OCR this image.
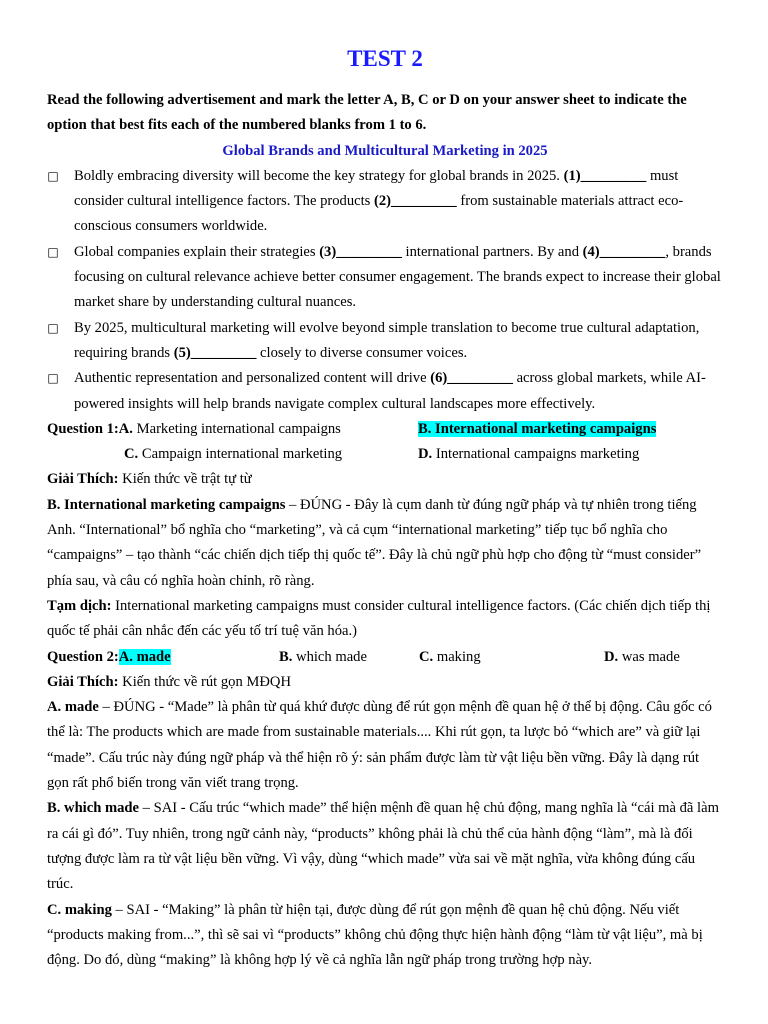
TEST 2

Read the following advertisement and mark the letter A, B, C or D on your answer sheet to indicate the option that best fits each of the numbered blanks from 1 to 6.

Global Brands and Multicultural Marketing in 2025

□ Boldly embracing diversity will become the key strategy for global brands in 2025. (1)_________ must consider cultural intelligence factors. The products (2)_________ from sustainable materials attract eco-conscious consumers worldwide.

□ Global companies explain their strategies (3)_________ international partners. By and (4)_________, brands focusing on cultural relevance achieve better consumer engagement. The brands expect to increase their global market share by understanding cultural nuances.

□ By 2025, multicultural marketing will evolve beyond simple translation to become true cultural adaptation, requiring brands (5)_________ closely to diverse consumer voices.

□ Authentic representation and personalized content will drive (6)_________ across global markets, while AI-powered insights will help brands navigate complex cultural landscapes more effectively.

Question 1:A. Marketing international campaigns	B. International marketing campaigns
C. Campaign international marketing	D. International campaigns marketing

Giải Thích: Kiến thức về trật tự từ

B. International marketing campaigns – ĐÚNG - Đây là cụm danh từ đúng ngữ pháp và tự nhiên trong tiếng Anh. “International” bổ nghĩa cho “marketing”, và cả cụm “international marketing” tiếp tục bổ nghĩa cho “campaigns” – tạo thành “các chiến dịch tiếp thị quốc tế”. Đây là chủ ngữ phù hợp cho động từ “must consider” phía sau, và câu có nghĩa hoàn chỉnh, rõ ràng.

Tạm dịch: International marketing campaigns must consider cultural intelligence factors. (Các chiến dịch tiếp thị quốc tế phải cân nhắc đến các yếu tố trí tuệ văn hóa.)

Question 2:A. made	B. which made	C. making	D. was made

Giải Thích: Kiến thức về rút gọn MĐQH

A. made – ĐÚNG - “Made” là phân từ quá khứ được dùng để rút gọn mệnh đề quan hệ ở thể bị động. Câu gốc có thể là: The products which are made from sustainable materials.... Khi rút gọn, ta lược bỏ “which are” và giữ lại “made”. Cấu trúc này đúng ngữ pháp và thể hiện rõ ý: sản phẩm được làm từ vật liệu bền vững. Đây là dạng rút gọn rất phổ biến trong văn viết trang trọng.

B. which made – SAI - Cấu trúc “which made” thể hiện mệnh đề quan hệ chủ động, mang nghĩa là “cái mà đã làm ra cái gì đó”. Tuy nhiên, trong ngữ cảnh này, “products” không phải là chủ thể của hành động “làm”, mà là đối tượng được làm ra từ vật liệu bền vững. Vì vậy, dùng “which made” vừa sai về mặt nghĩa, vừa không đúng cấu trúc.

C. making – SAI - “Making” là phân từ hiện tại, được dùng để rút gọn mệnh đề quan hệ chủ động. Nếu viết “products making from...”, thì sẽ sai vì “products” không chủ động thực hiện hành động “làm từ vật liệu”, mà bị động. Do đó, dùng “making” là không hợp lý về cả nghĩa lẫn ngữ pháp trong trường hợp này.
